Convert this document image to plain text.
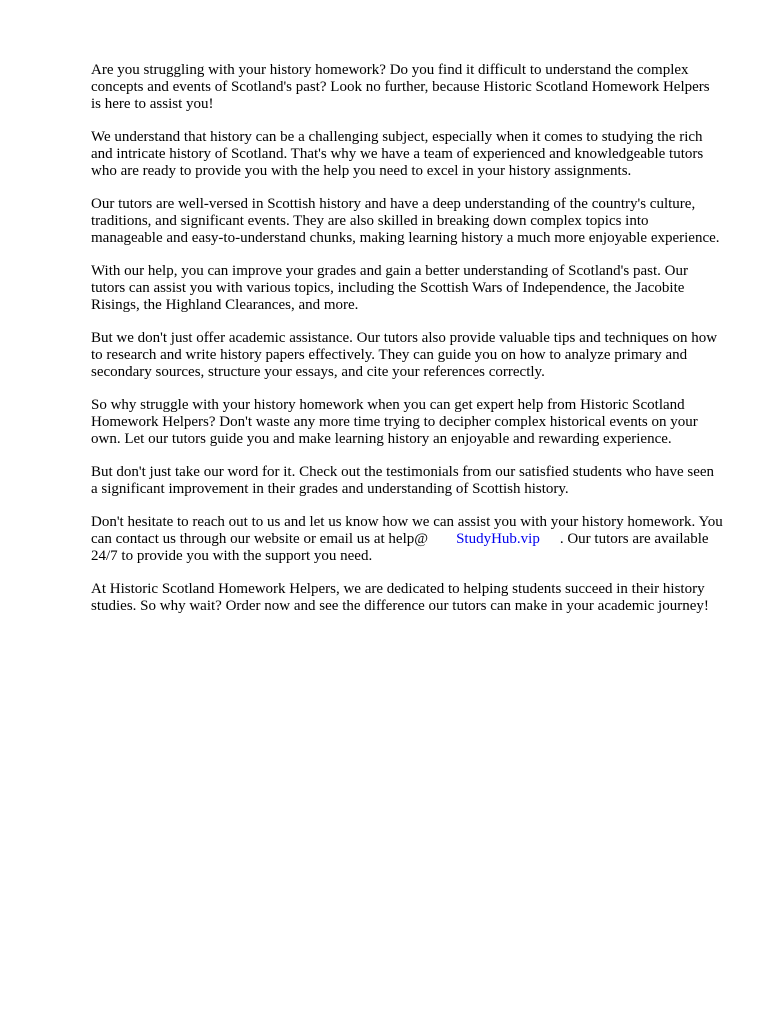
Are you struggling with your history homework? Do you find it difficult to understand the complex concepts and events of Scotland's past? Look no further, because Historic Scotland Homework Helpers is here to assist you!

We understand that history can be a challenging subject, especially when it comes to studying the rich and intricate history of Scotland. That's why we have a team of experienced and knowledgeable tutors who are ready to provide you with the help you need to excel in your history assignments.

Our tutors are well-versed in Scottish history and have a deep understanding of the country's culture, traditions, and significant events. They are also skilled in breaking down complex topics into manageable and easy-to-understand chunks, making learning history a much more enjoyable experience.

With our help, you can improve your grades and gain a better understanding of Scotland's past. Our tutors can assist you with various topics, including the Scottish Wars of Independence, the Jacobite Risings, the Highland Clearances, and more.

But we don't just offer academic assistance. Our tutors also provide valuable tips and techniques on how to research and write history papers effectively. They can guide you on how to analyze primary and secondary sources, structure your essays, and cite your references correctly.

So why struggle with your history homework when you can get expert help from Historic Scotland Homework Helpers? Don't waste any more time trying to decipher complex historical events on your own. Let our tutors guide you and make learning history an enjoyable and rewarding experience.

But don't just take our word for it. Check out the testimonials from our satisfied students who have seen a significant improvement in their grades and understanding of Scottish history.

Don't hesitate to reach out to us and let us know how we can assist you with your history homework. You can contact us through our website or email us at help@ StudyHub.vip . Our tutors are available 24/7 to provide you with the support you need.

At Historic Scotland Homework Helpers, we are dedicated to helping students succeed in their history studies. So why wait? Order now and see the difference our tutors can make in your academic journey!
